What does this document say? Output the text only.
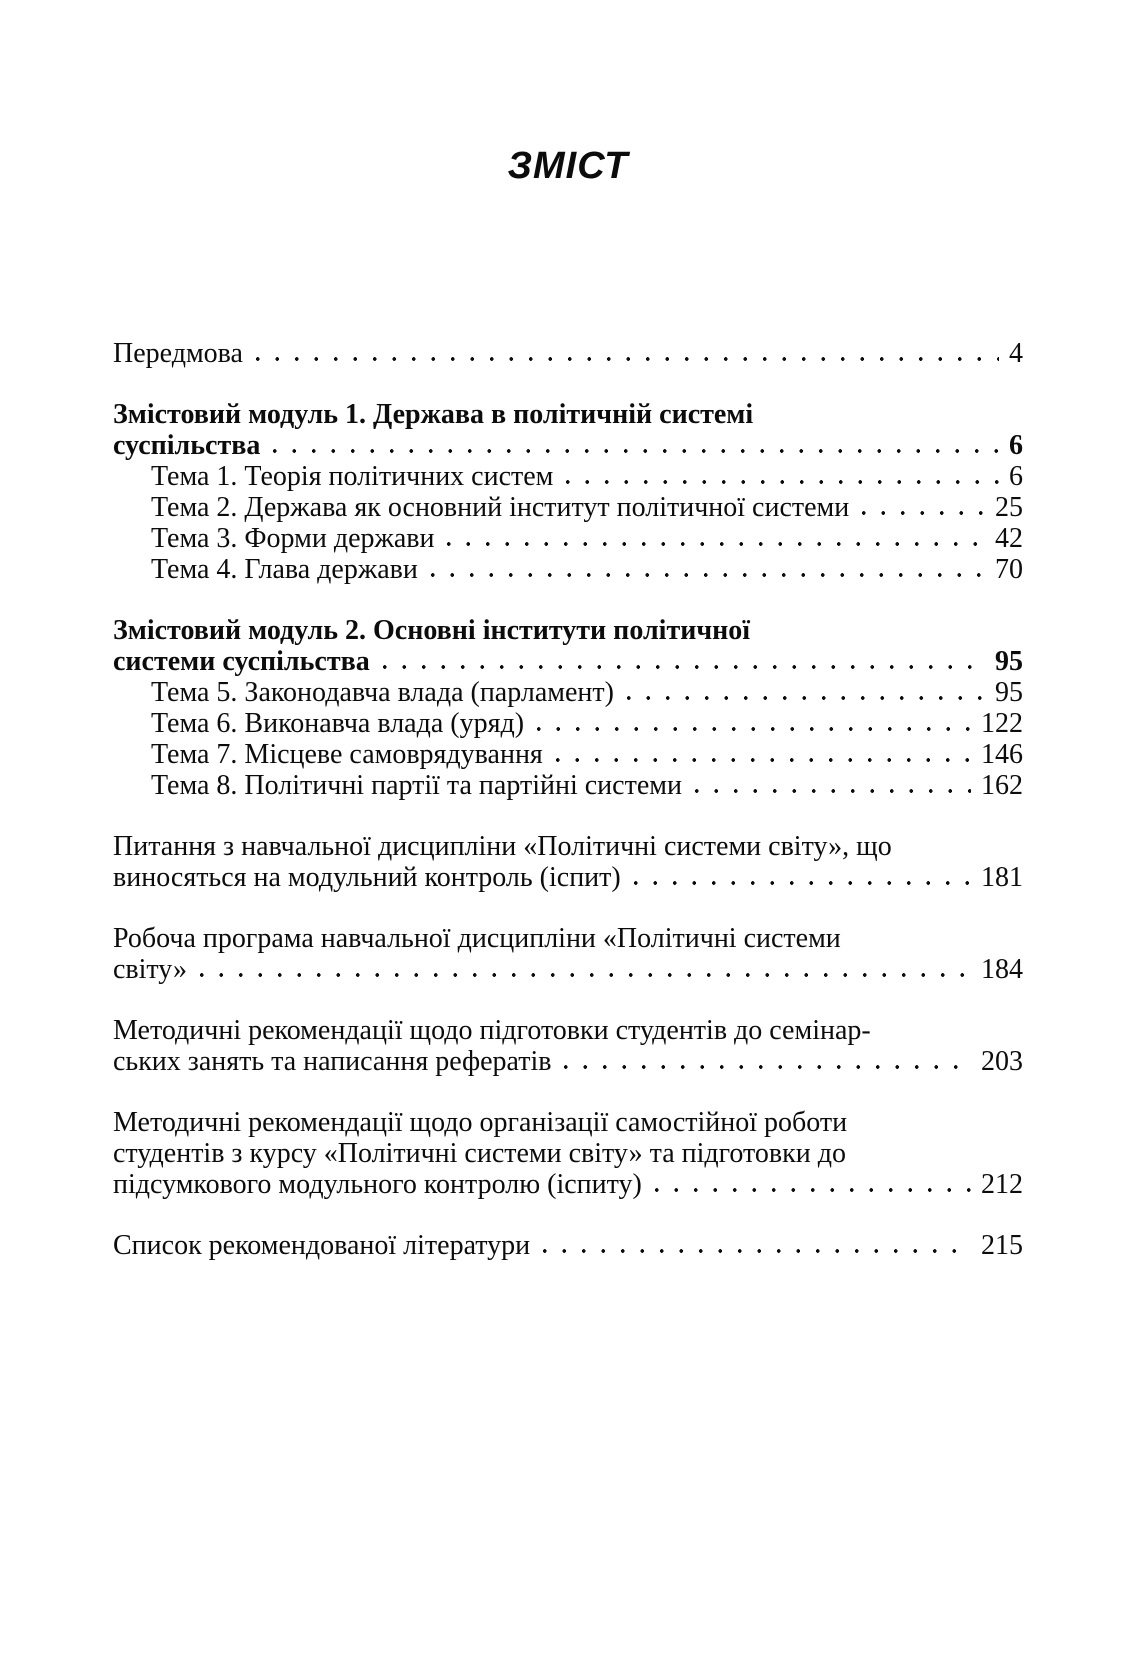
ЗМІСТ
Передмова	4
Змістовий модуль 1. Держава в політичній системі
суспільства	6
Тема 1. Теорія політичних систем	6
Тема 2. Держава як основний інститут політичної системи	25
Тема 3. Форми держави	42
Тема 4. Глава держави	70
Змістовий модуль 2. Основні інститути політичної
системи суспільства	95
Тема 5. Законодавча влада (парламент)	95
Тема 6. Виконавча влада (уряд)	122
Тема 7. Місцеве самоврядування	146
Тема 8. Політичні партії та партійні системи	162
Питання з навчальної дисципліни «Політичні системи світу», що
виносяться на модульний контроль (іспит)	181
Робоча програма навчальної дисципліни «Політичні системи
світу»	184
Методичні рекомендації щодо підготовки студентів до семінар-
ських занять та написання рефератів	203
Методичні рекомендації щодо організації самостійної роботи
студентів з курсу «Політичні системи світу» та підготовки до
підсумкового модульного контролю (іспиту)	212
Список рекомендованої літератури	215
